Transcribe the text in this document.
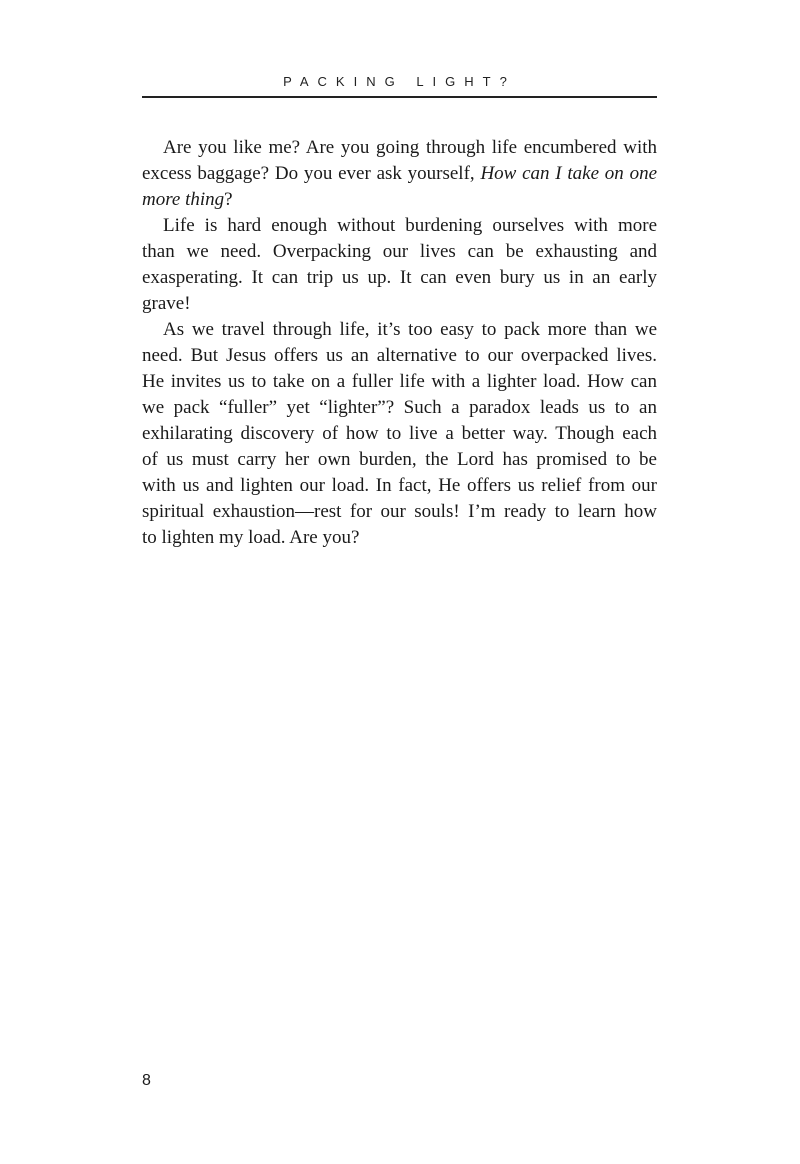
PACKING LIGHT?
Are you like me? Are you going through life encumbered with
excess baggage? Do you ever ask yourself, How can I take on one
more thing?
Life is hard enough without burdening ourselves with more
than we need. Overpacking our lives can be exhausting and
exasperating. It can trip us up. It can even bury us in an early
grave!
As we travel through life, it’s too easy to pack more than we
need. But Jesus offers us an alternative to our overpacked lives.
He invites us to take on a fuller life with a lighter load. How can
we pack “fuller” yet “lighter”? Such a paradox leads us to an
exhilarating discovery of how to live a better way. Though each
of us must carry her own burden, the Lord has promised to be
with us and lighten our load. In fact, He offers us relief from our
spiritual exhaustion—rest for our souls! I’m ready to learn how
to lighten my load. Are you?
8
